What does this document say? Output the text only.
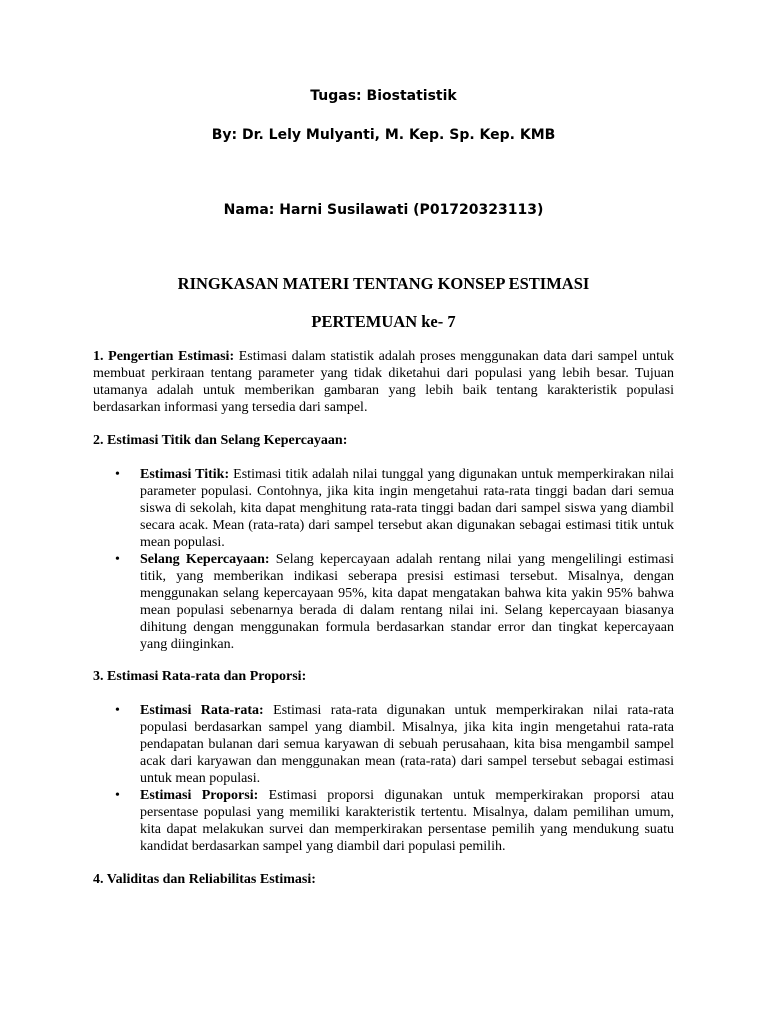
Tugas: Biostatistik

By: Dr. Lely Mulyanti, M. Kep. Sp. Kep. KMB

Nama: Harni Susilawati (P01720323113)

RINGKASAN MATERI TENTANG KONSEP ESTIMASI

PERTEMUAN ke- 7

1. Pengertian Estimasi: Estimasi dalam statistik adalah proses menggunakan data dari sampel untuk membuat perkiraan tentang parameter yang tidak diketahui dari populasi yang lebih besar. Tujuan utamanya adalah untuk memberikan gambaran yang lebih baik tentang karakteristik populasi berdasarkan informasi yang tersedia dari sampel.

2. Estimasi Titik dan Selang Kepercayaan:

• Estimasi Titik: Estimasi titik adalah nilai tunggal yang digunakan untuk memperkirakan nilai parameter populasi. Contohnya, jika kita ingin mengetahui rata-rata tinggi badan dari semua siswa di sekolah, kita dapat menghitung rata-rata tinggi badan dari sampel siswa yang diambil secara acak. Mean (rata-rata) dari sampel tersebut akan digunakan sebagai estimasi titik untuk mean populasi.
• Selang Kepercayaan: Selang kepercayaan adalah rentang nilai yang mengelilingi estimasi titik, yang memberikan indikasi seberapa presisi estimasi tersebut. Misalnya, dengan menggunakan selang kepercayaan 95%, kita dapat mengatakan bahwa kita yakin 95% bahwa mean populasi sebenarnya berada di dalam rentang nilai ini. Selang kepercayaan biasanya dihitung dengan menggunakan formula berdasarkan standar error dan tingkat kepercayaan yang diinginkan.

3. Estimasi Rata-rata dan Proporsi:

• Estimasi Rata-rata: Estimasi rata-rata digunakan untuk memperkirakan nilai rata-rata populasi berdasarkan sampel yang diambil. Misalnya, jika kita ingin mengetahui rata-rata pendapatan bulanan dari semua karyawan di sebuah perusahaan, kita bisa mengambil sampel acak dari karyawan dan menggunakan mean (rata-rata) dari sampel tersebut sebagai estimasi untuk mean populasi.
• Estimasi Proporsi: Estimasi proporsi digunakan untuk memperkirakan proporsi atau persentase populasi yang memiliki karakteristik tertentu. Misalnya, dalam pemilihan umum, kita dapat melakukan survei dan memperkirakan persentase pemilih yang mendukung suatu kandidat berdasarkan sampel yang diambil dari populasi pemilih.

4. Validitas dan Reliabilitas Estimasi:
